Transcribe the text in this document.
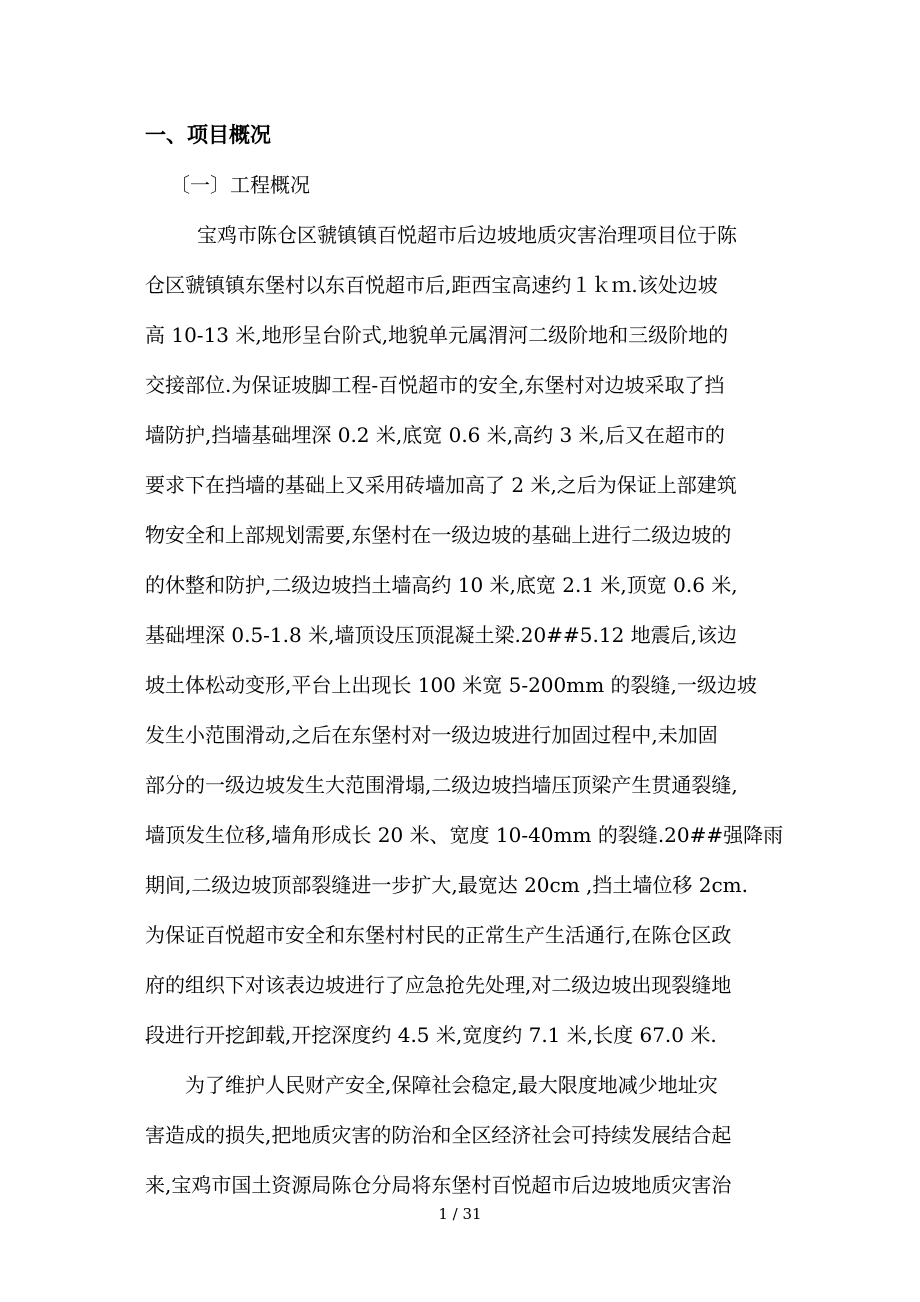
一、项目概况
〔一〕工程概况
宝鸡市陈仓区虢镇镇百悦超市后边坡地质灾害治理项目位于陈
仓区虢镇镇东堡村以东百悦超市后,距西宝高速约１ｋｍ.该处边坡
高 10-13 米,地形呈台阶式,地貌单元属渭河二级阶地和三级阶地的
交接部位.为保证坡脚工程-百悦超市的安全,东堡村对边坡采取了挡
墙防护,挡墙基础埋深 0.2 米,底宽 0.6 米,高约 3 米,后又在超市的
要求下在挡墙的基础上又采用砖墙加高了 2 米,之后为保证上部建筑
物安全和上部规划需要,东堡村在一级边坡的基础上进行二级边坡的
的休整和防护,二级边坡挡土墙高约 10 米,底宽 2.1 米,顶宽 0.6 米,
基础埋深 0.5-1.8 米,墙顶设压顶混凝土梁.20##5.12 地震后,该边
坡土体松动变形,平台上出现长 100 米宽 5-200mm 的裂缝,一级边坡
发生小范围滑动,之后在东堡村对一级边坡进行加固过程中,未加固
部分的一级边坡发生大范围滑塌,二级边坡挡墙压顶梁产生贯通裂缝,
墙顶发生位移,墙角形成长 20 米、宽度 10-40mm 的裂缝.20##强降雨
期间,二级边坡顶部裂缝进一步扩大,最宽达 20cm ,挡土墙位移 2cm.
为保证百悦超市安全和东堡村村民的正常生产生活通行,在陈仓区政
府的组织下对该表边坡进行了应急抢先处理,对二级边坡出现裂缝地
段进行开挖卸载,开挖深度约 4.5 米,宽度约 7.1 米,长度 67.0 米.
为了维护人民财产安全,保障社会稳定,最大限度地减少地址灾
害造成的损失,把地质灾害的防治和全区经济社会可持续发展结合起
来,宝鸡市国土资源局陈仓分局将东堡村百悦超市后边坡地质灾害治
1 / 31
